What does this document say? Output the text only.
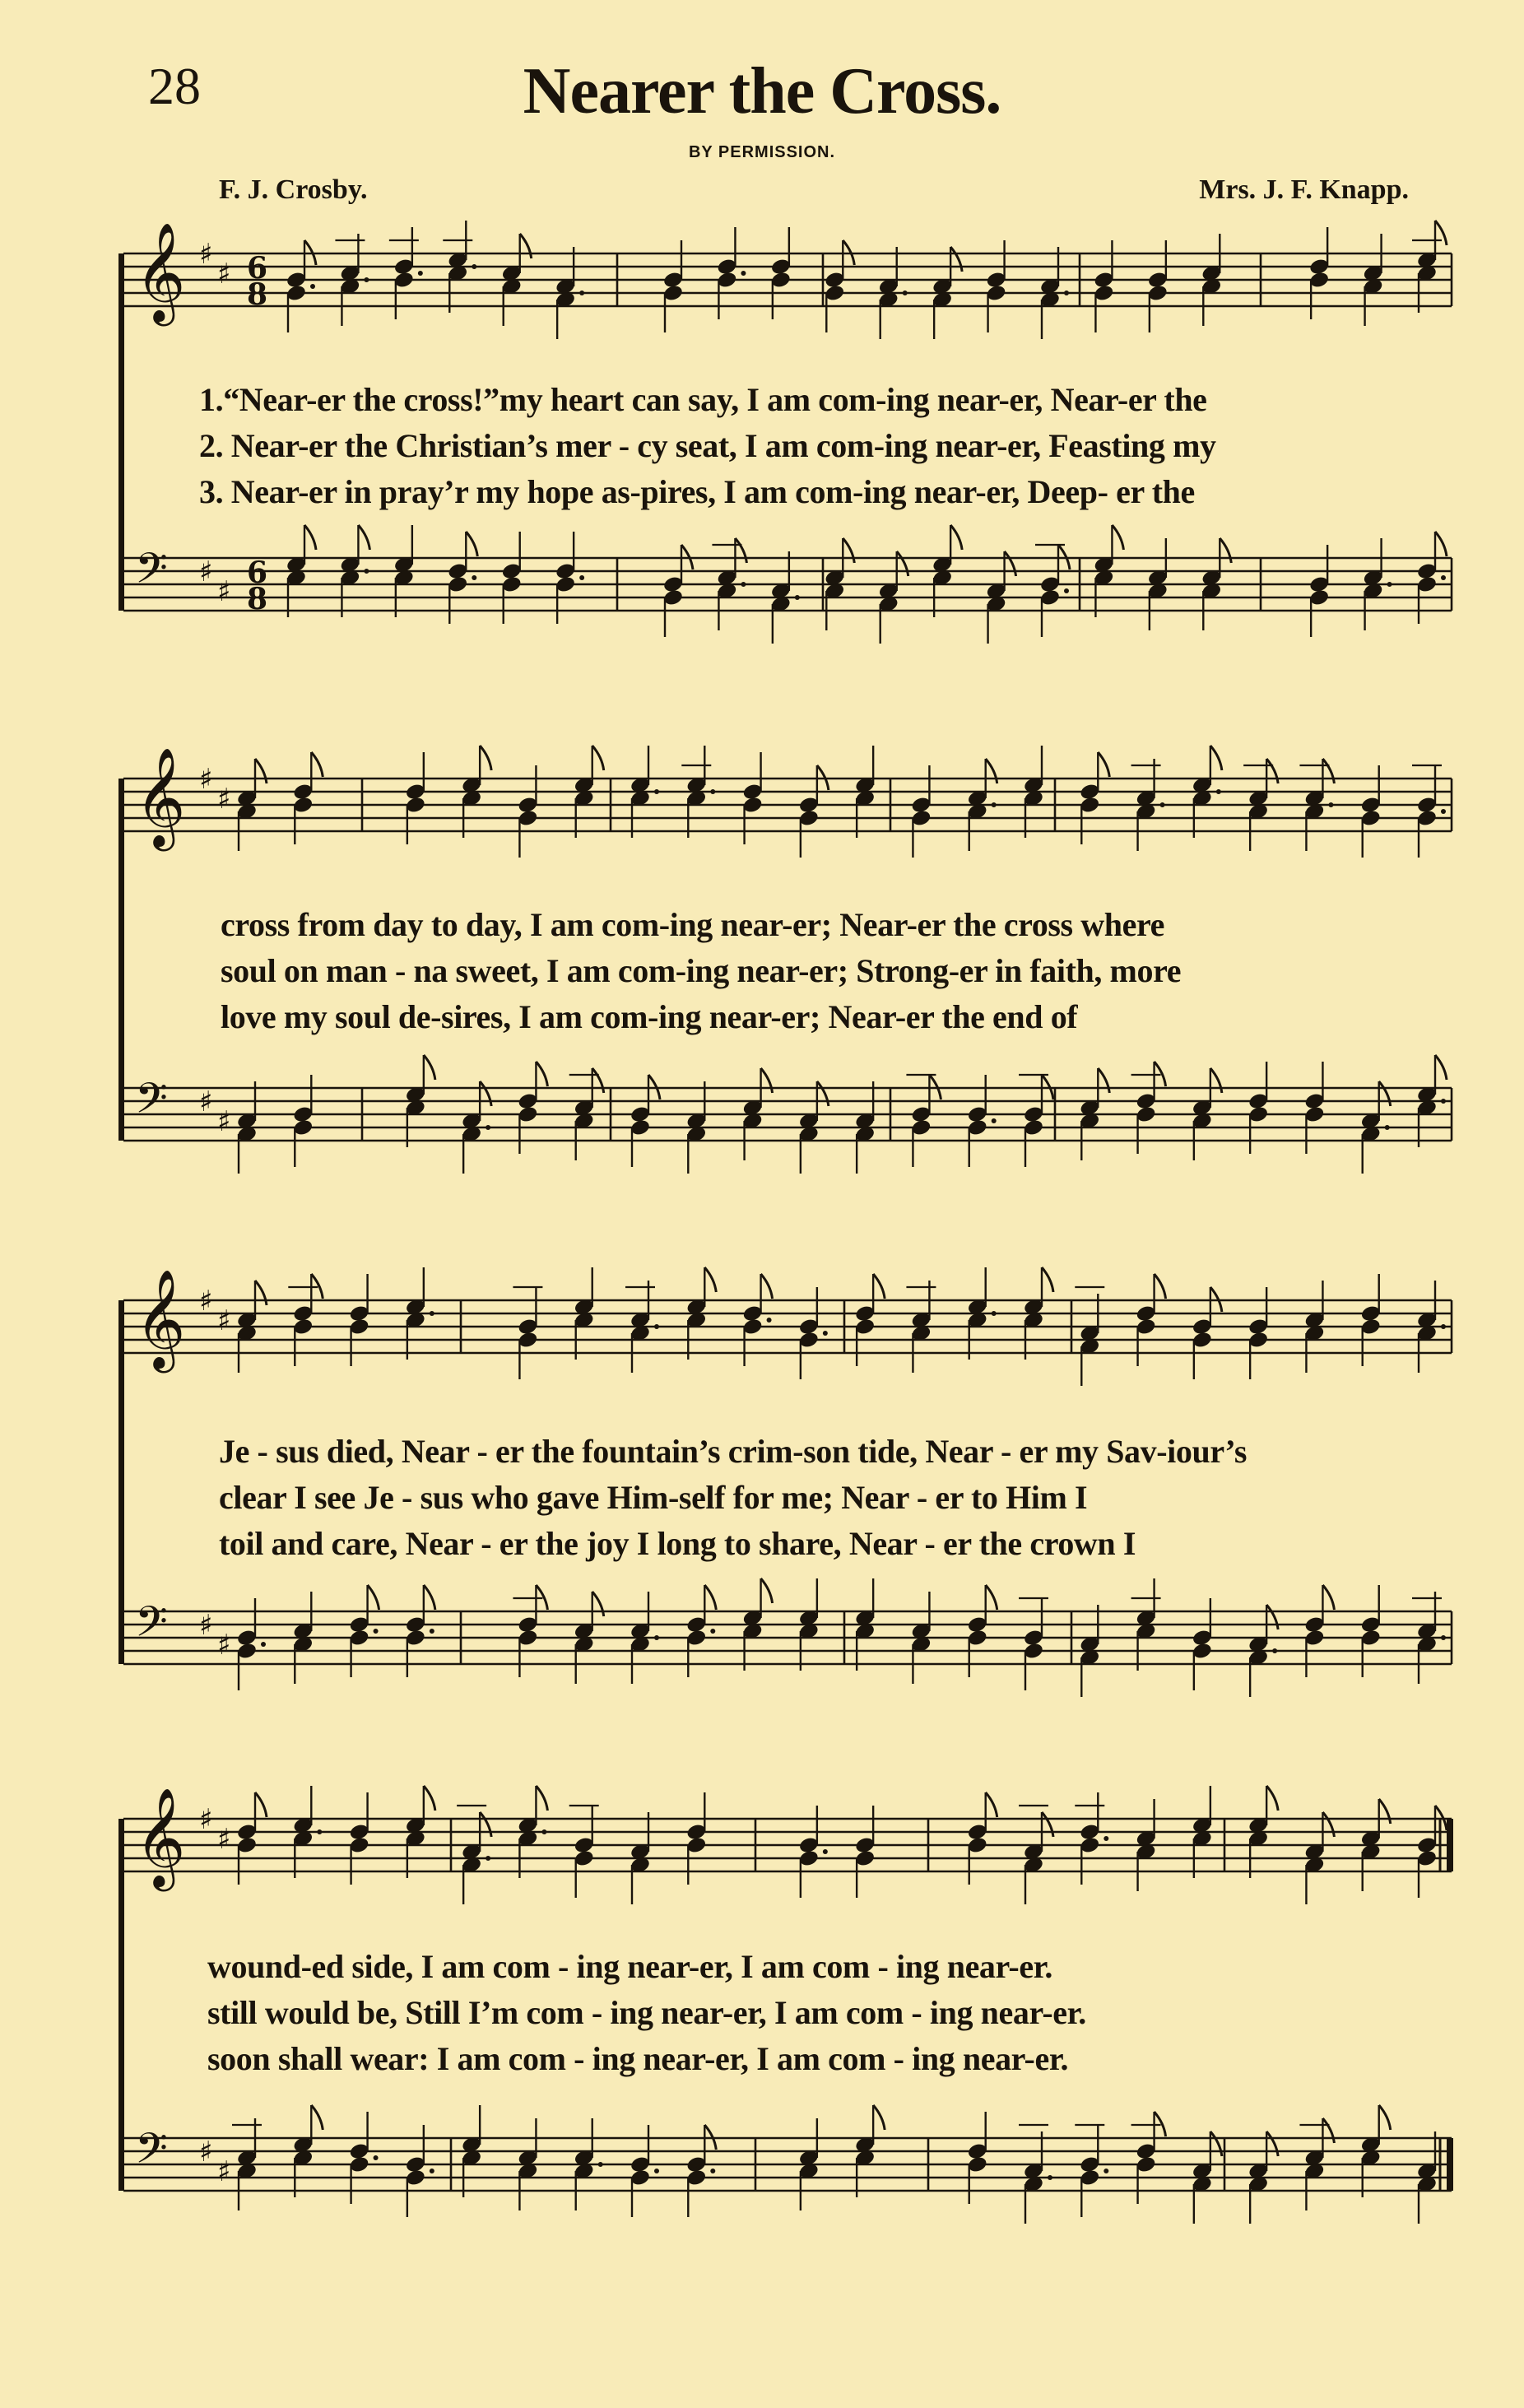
28	Nearer the Cross.
BY PERMISSION.
F. J. Crosby.	Mrs. J. F. Knapp.
𝄞 ♯
♯ 6
8
𝄢 ♯
♯
6
8
𝄞 ♯
♯
𝄢 ♯
♯
𝄞 ♯
♯
𝄢 ♯
♯
𝄞 ♯
♯
𝄢 ♯
♯
1.“Near-er the cross!”my heart can say, I am com-ing near-er, Near-er the
2. Near-er the Christian’s mer - cy seat, I am com-ing near-er, Feasting my
3. Near-er in pray’r my hope as-pires, I am com-ing near-er, Deep- er the
cross from day to day, I am com-ing near-er; Near-er the cross where
soul on man - na sweet, I am com-ing near-er; Strong-er in faith, more
love my soul de-sires, I am com-ing near-er; Near-er the end of
Je - sus died, Near - er the fountain’s crim-son tide, Near - er my Sav-iour’s
clear I see Je - sus who gave Him-self for me; Near - er to Him I
toil and care, Near - er the joy I long to share, Near - er the crown I
wound-ed side, I am com - ing near-er, I am com - ing near-er.
still would be, Still I’m com - ing near-er, I am com - ing near-er.
soon shall wear: I am com - ing near-er, I am com - ing near-er.
